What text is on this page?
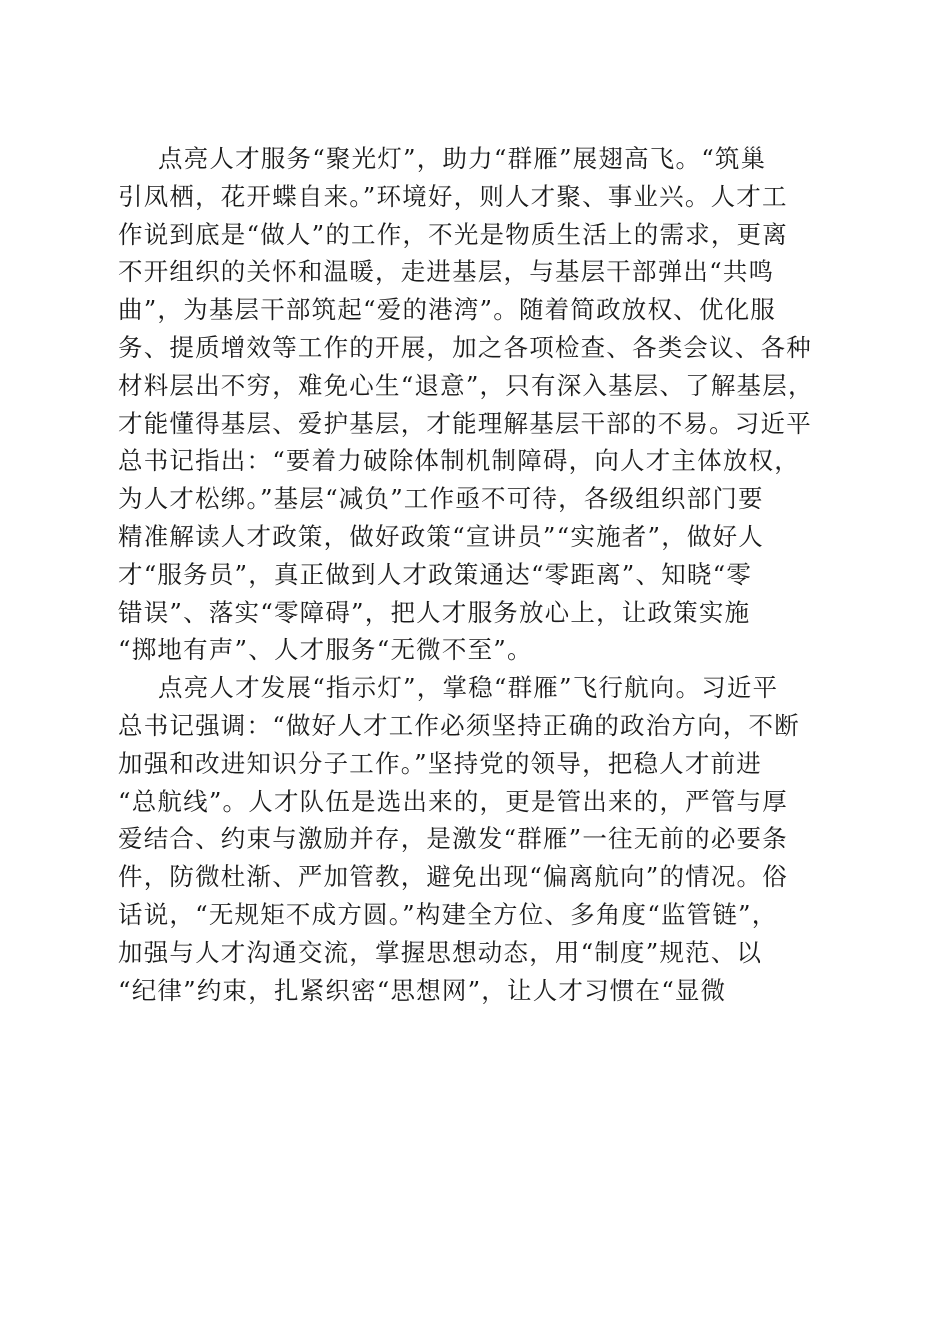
点亮人才服务“聚光灯”，助力“群雁”展翅高飞。“筑巢
引凤栖，花开蝶自来。”环境好，则人才聚、事业兴。人才工
作说到底是“做人”的工作，不光是物质生活上的需求，更离
不开组织的关怀和温暖，走进基层，与基层干部弹出“共鸣
曲”，为基层干部筑起“爱的港湾”。随着简政放权、优化服
务、提质增效等工作的开展，加之各项检查、各类会议、各种
材料层出不穷，难免心生“退意”，只有深入基层、了解基层，
才能懂得基层、爱护基层，才能理解基层干部的不易。习近平
总书记指出：“要着力破除体制机制障碍，向人才主体放权，
为人才松绑。”基层“减负”工作亟不可待，各级组织部门要
精准解读人才政策，做好政策“宣讲员”“实施者”，做好人
才“服务员”，真正做到人才政策通达“零距离”、知晓“零
错误”、落实“零障碍”，把人才服务放心上，让政策实施
“掷地有声”、人才服务“无微不至”。
点亮人才发展“指示灯”，掌稳“群雁”飞行航向。习近平
总书记强调：“做好人才工作必须坚持正确的政治方向，不断
加强和改进知识分子工作。”坚持党的领导，把稳人才前进
“总航线”。人才队伍是选出来的，更是管出来的，严管与厚
爱结合、约束与激励并存，是激发“群雁”一往无前的必要条
件，防微杜渐、严加管教，避免出现“偏离航向”的情况。俗
话说，“无规矩不成方圆。”构建全方位、多角度“监管链”，
加强与人才沟通交流，掌握思想动态，用“制度”规范、以
“纪律”约束，扎紧织密“思想网”，让人才习惯在“显微
